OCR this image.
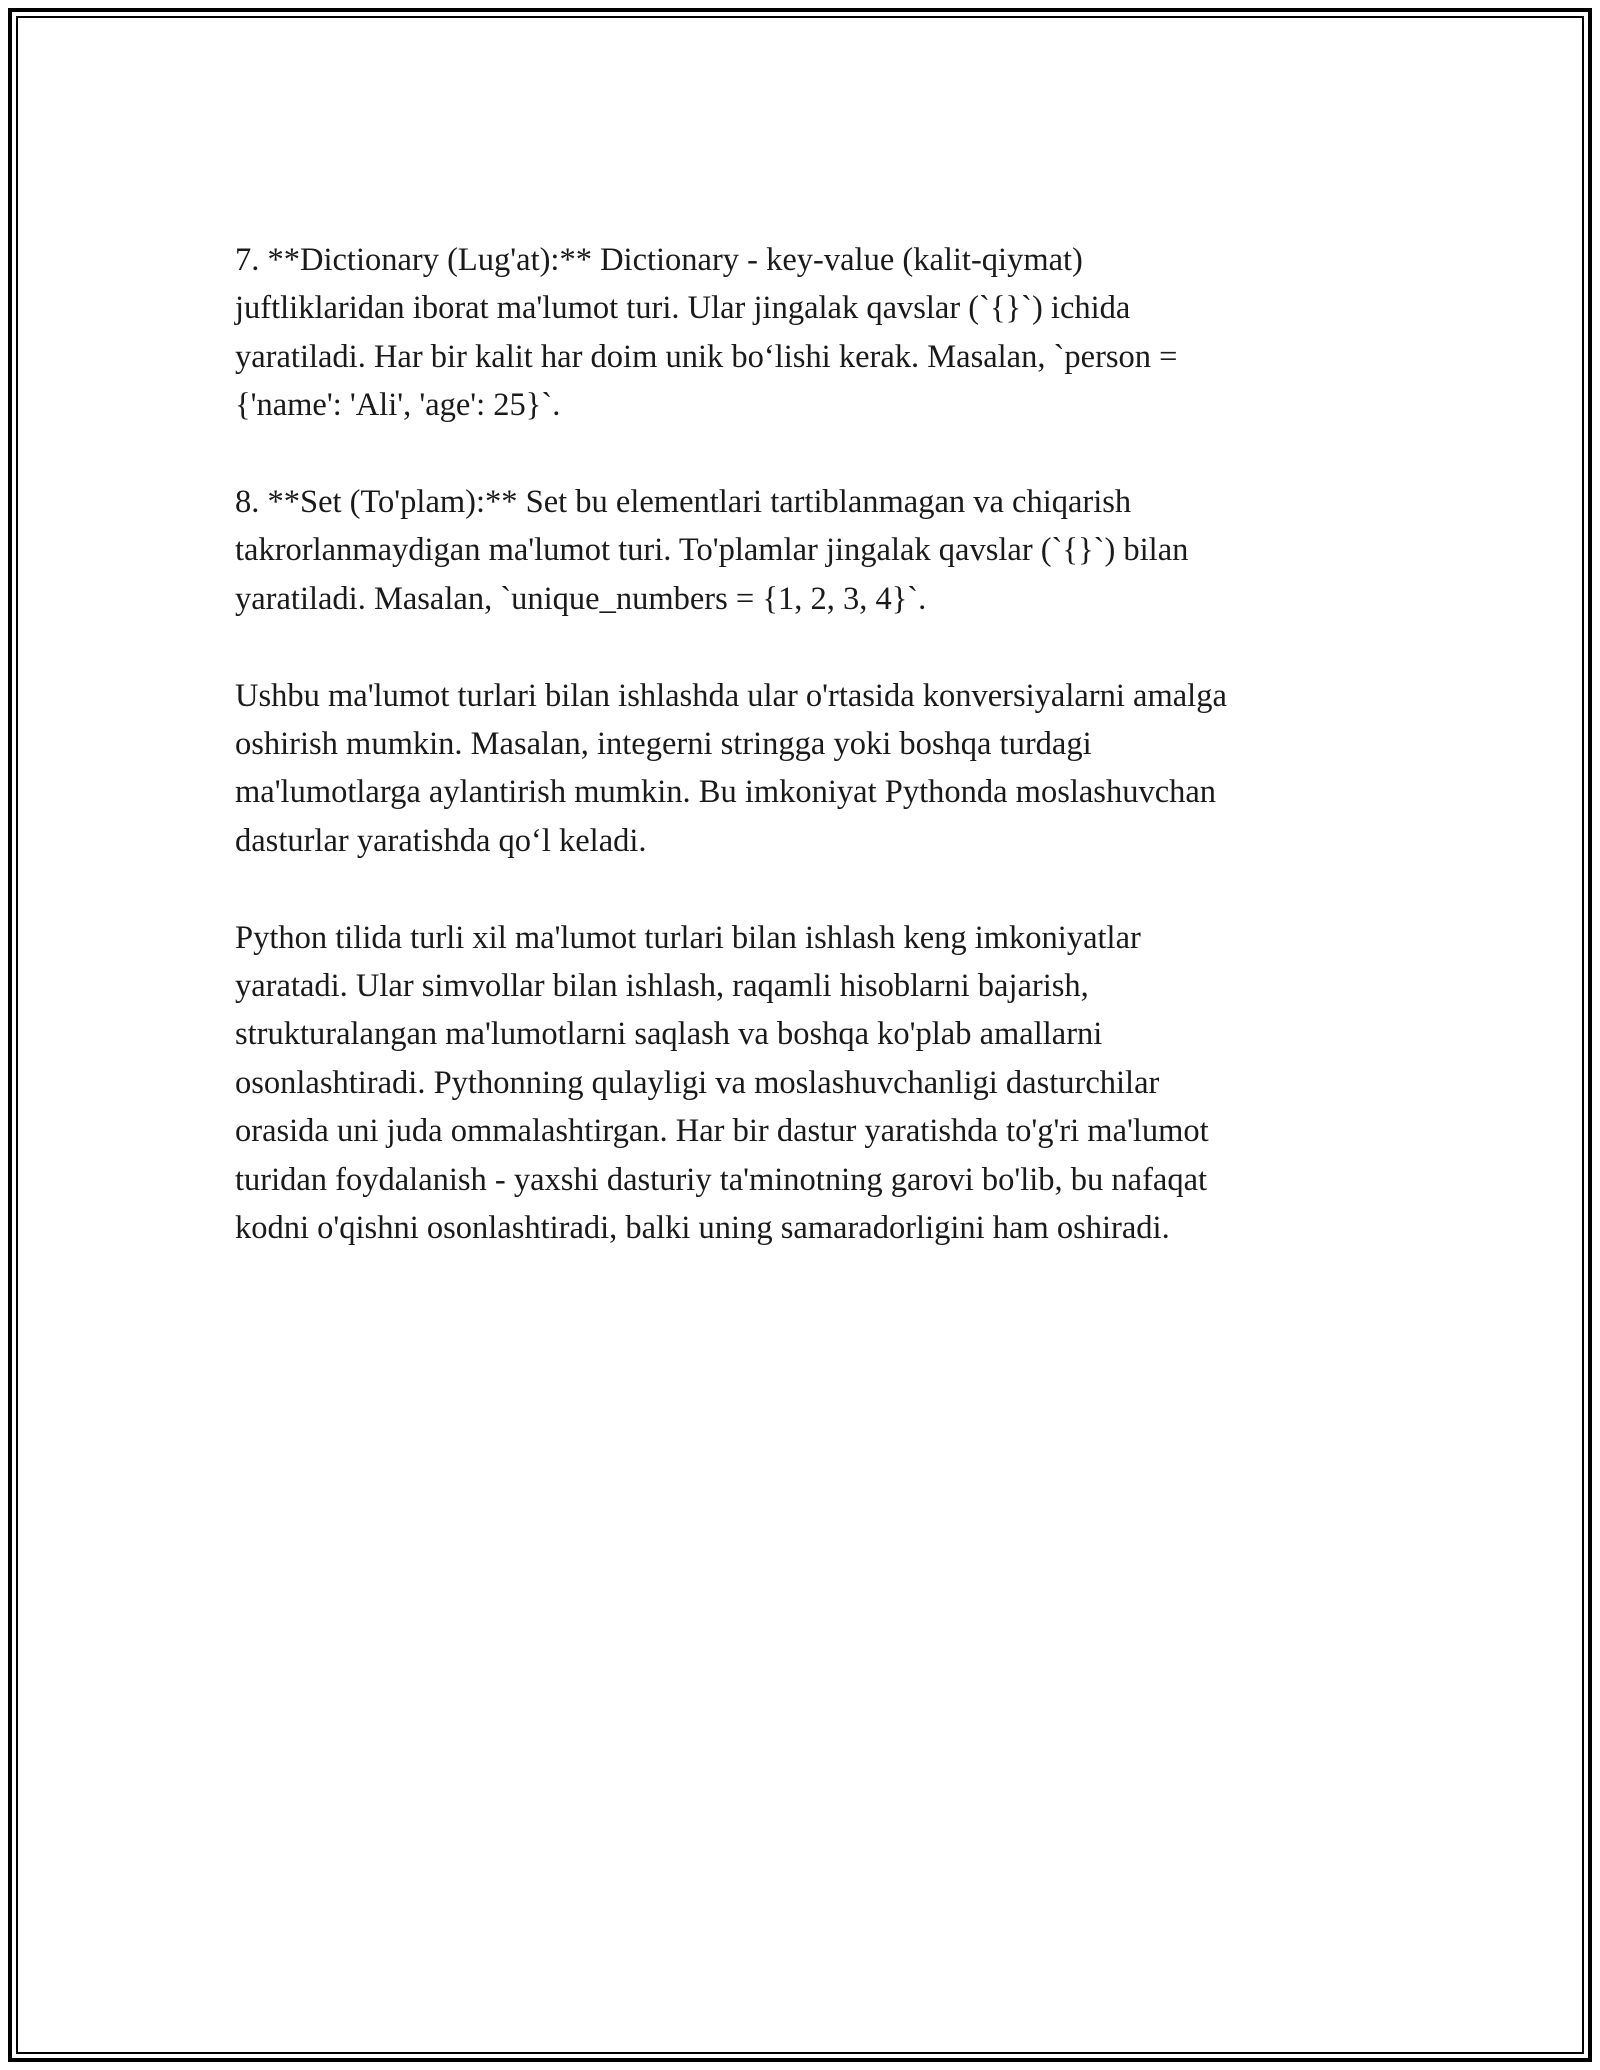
7. **Dictionary (Lug'at):** Dictionary - key-value (kalit-qiymat)
juftliklaridan iborat ma'lumot turi. Ular jingalak qavslar (`{}`) ichida
yaratiladi. Har bir kalit har doim unik bo‘lishi kerak. Masalan, `person =
{'name': 'Ali', 'age': 25}`.

8. **Set (To'plam):** Set bu elementlari tartiblanmagan va chiqarish
takrorlanmaydigan ma'lumot turi. To'plamlar jingalak qavslar (`{}`) bilan
yaratiladi. Masalan, `unique_numbers = {1, 2, 3, 4}`.

Ushbu ma'lumot turlari bilan ishlashda ular o'rtasida konversiyalarni amalga
oshirish mumkin. Masalan, integerni stringga yoki boshqa turdagi
ma'lumotlarga aylantirish mumkin. Bu imkoniyat Pythonda moslashuvchan
dasturlar yaratishda qo‘l keladi.

Python tilida turli xil ma'lumot turlari bilan ishlash keng imkoniyatlar
yaratadi. Ular simvollar bilan ishlash, raqamli hisoblarni bajarish,
strukturalangan ma'lumotlarni saqlash va boshqa ko'plab amallarni
osonlashtiradi. Pythonning qulayligi va moslashuvchanligi dasturchilar
orasida uni juda ommalashtirgan. Har bir dastur yaratishda to'g'ri ma'lumot
turidan foydalanish - yaxshi dasturiy ta'minotning garovi bo'lib, bu nafaqat
kodni o'qishni osonlashtiradi, balki uning samaradorligini ham oshiradi.
